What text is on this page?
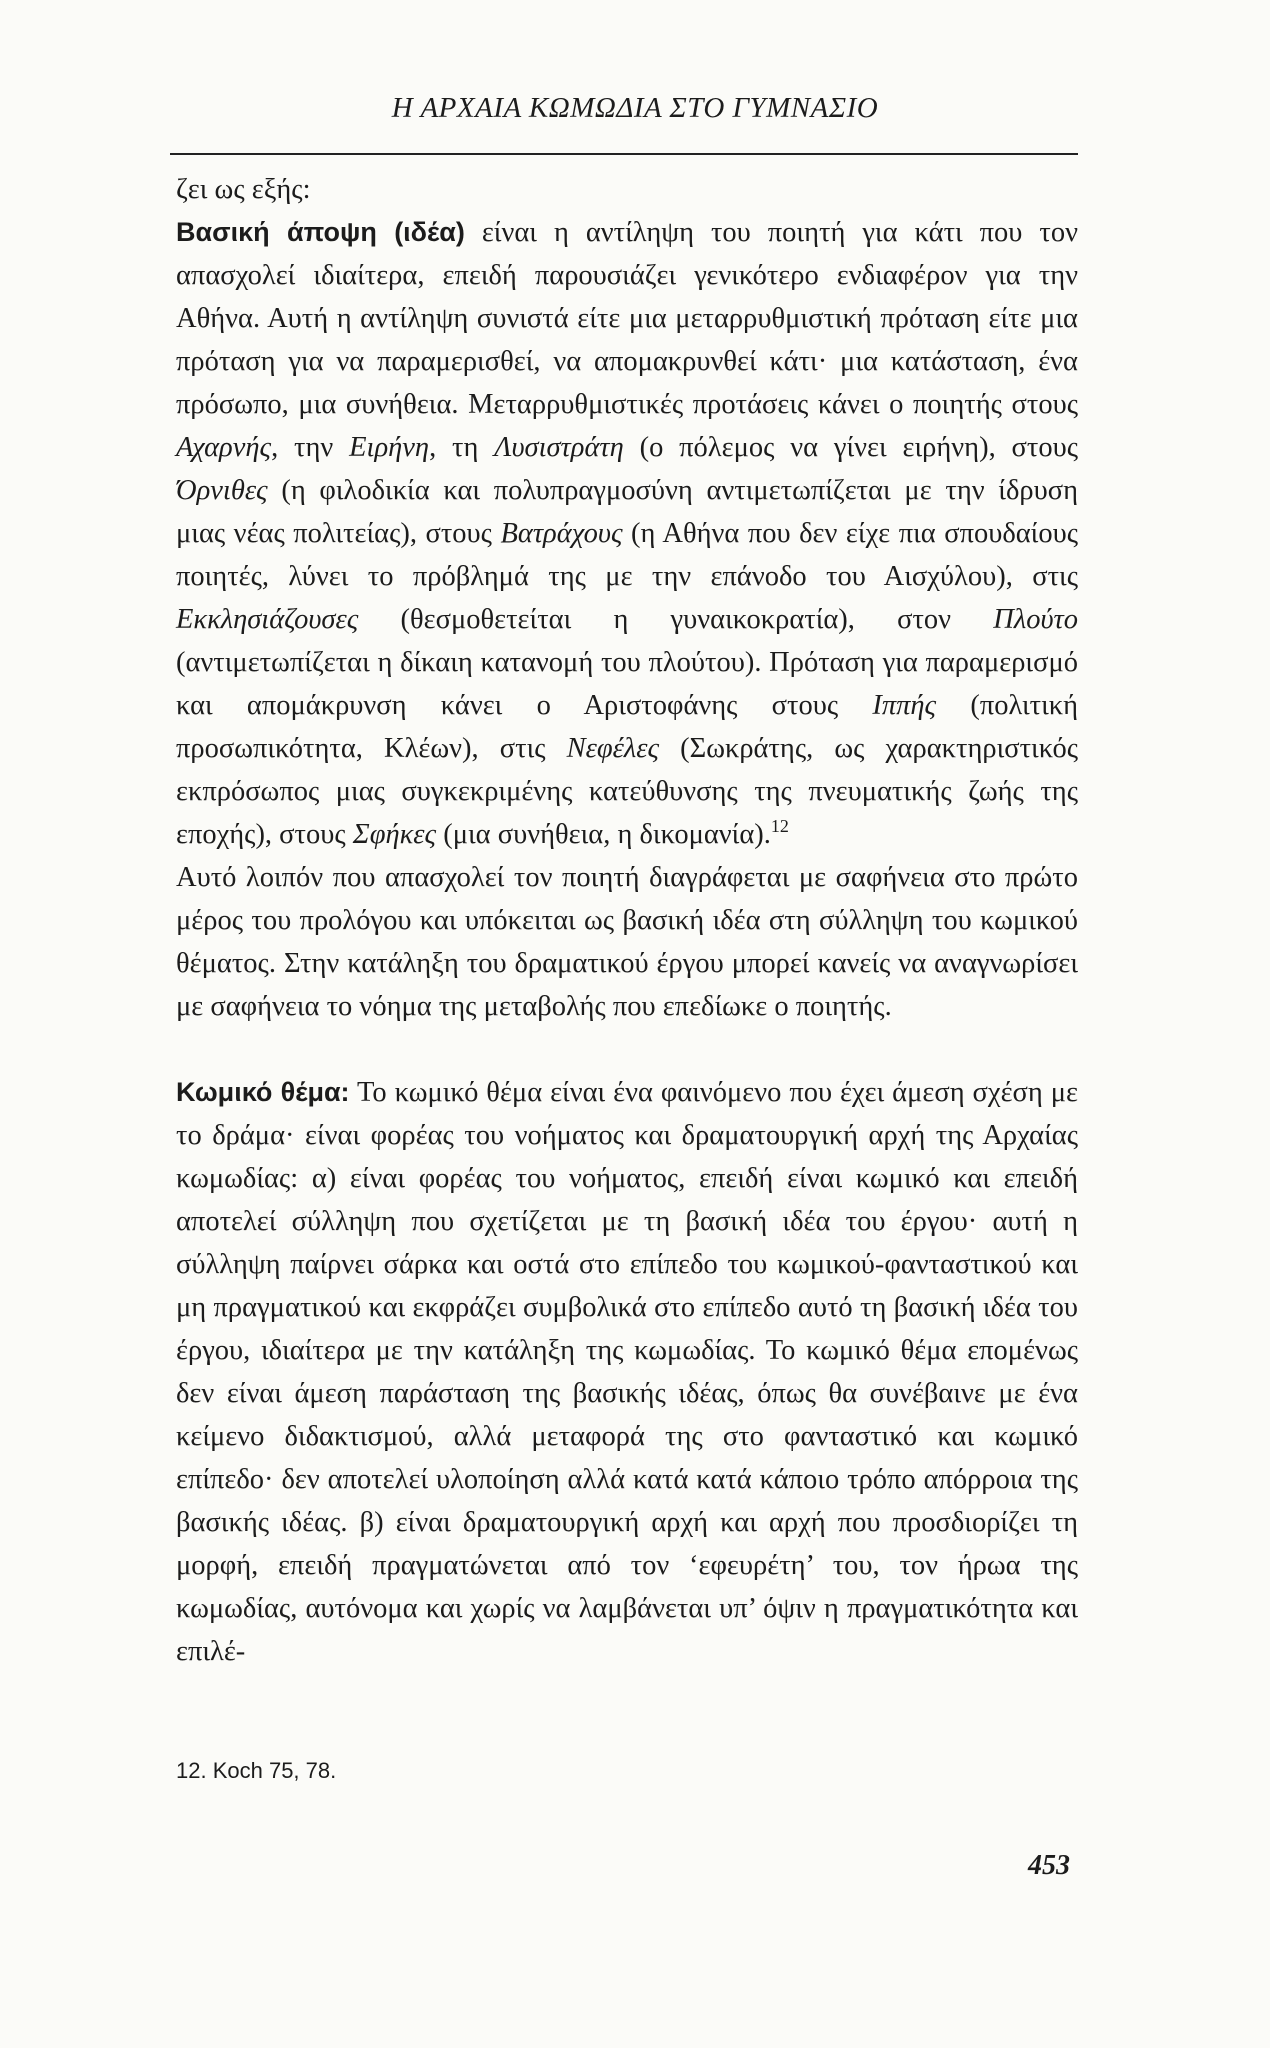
Η ΑΡΧΑΙΑ ΚΩΜΩΔΙΑ ΣΤΟ ΓΥΜΝΑΣΙΟ

ζει ως εξής:
Βασική άποψη (ιδέα) είναι η αντίληψη του ποιητή για κάτι που τον απασχολεί ιδιαίτερα, επειδή παρουσιάζει γενικότερο ενδιαφέρον για την Αθήνα. Αυτή η αντίληψη συνιστά είτε μια μεταρρυθμιστική πρόταση είτε μια πρόταση για να παραμερισθεί, να απομακρυνθεί κάτι· μια κατάσταση, ένα πρόσωπο, μια συνήθεια. Μεταρρυθμιστικές προτάσεις κάνει ο ποιητής στους Αχαρνής, την Ειρήνη, τη Λυσιστράτη (ο πόλεμος να γίνει ειρήνη), στους Όρνιθες (η φιλοδικία και πολυπραγμοσύνη αντιμετωπίζεται με την ίδρυση μιας νέας πολιτείας), στους Βατράχους (η Αθήνα που δεν είχε πια σπουδαίους ποιητές, λύνει το πρόβλημά της με την επάνοδο του Αισχύλου), στις Εκκλησιάζουσες (θεσμοθετείται η γυναικοκρατία), στον Πλούτο (αντιμετωπίζεται η δίκαιη κατανομή του πλούτου). Πρόταση για παραμερισμό και απομάκρυνση κάνει ο Αριστοφάνης στους Ιππής (πολιτική προσωπικότητα, Κλέων), στις Νεφέλες (Σωκράτης, ως χαρακτηριστικός εκπρόσωπος μιας συγκεκριμένης κατεύθυνσης της πνευματικής ζωής της εποχής), στους Σφήκες (μια συνήθεια, η δικομανία).$^{12}$

Αυτό λοιπόν που απασχολεί τον ποιητή διαγράφεται με σαφήνεια στο πρώτο μέρος του προλόγου και υπόκειται ως βασική ιδέα στη σύλληψη του κωμικού θέματος. Στην κατάληξη του δραματικού έργου μπορεί κανείς να αναγνωρίσει με σαφήνεια το νόημα της μεταβολής που επεδίωκε ο ποιητής.

Κωμικό θέμα: Το κωμικό θέμα είναι ένα φαινόμενο που έχει άμεση σχέση με το δράμα· είναι φορέας του νοήματος και δραματουργική αρχή της Αρχαίας κωμωδίας: α) είναι φορέας του νοήματος, επειδή είναι κωμικό και επειδή αποτελεί σύλληψη που σχετίζεται με τη βασική ιδέα του έργου· αυτή η σύλληψη παίρνει σάρκα και οστά στο επίπεδο του κωμικού-φανταστικού και μη πραγματικού και εκφράζει συμβολικά στο επίπεδο αυτό τη βασική ιδέα του έργου, ιδιαίτερα με την κατάληξη της κωμωδίας. Το κωμικό θέμα επομένως δεν είναι άμεση παράσταση της βασικής ιδέας, όπως θα συνέβαινε με ένα κείμενο διδακτισμού, αλλά μεταφορά της στο φανταστικό και κωμικό επίπεδο· δεν αποτελεί υλοποίηση αλλά κατά κατά κάποιο τρόπο απόρροια της βασικής ιδέας. β) είναι δραματουργική αρχή και αρχή που προσδιορίζει τη μορφή, επειδή πραγματώνεται από τον ‘εφευρέτη’ του, τον ήρωα της κωμωδίας, αυτόνομα και χωρίς να λαμβάνεται υπ’ όψιν η πραγματικότητα και επιλέ-

12. Koch 75, 78.
453
